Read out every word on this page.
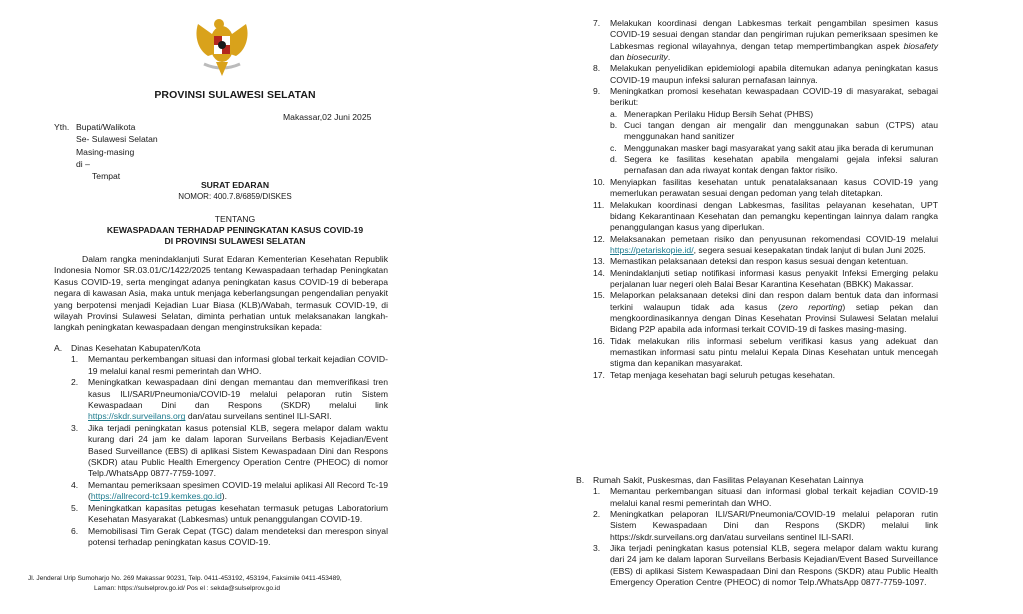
PROVINSI SULAWESI SELATAN
Makassar,02 Juni 2025
Yth. Bupati/Walikota
Se- Sulawesi Selatan
Masing-masing
di –
Tempat
SURAT EDARAN
NOMOR: 400.7.8/6859/DISKES
TENTANG
KEWASPADAAN TERHADAP PENINGKATAN KASUS COVID-19
DI PROVINSI SULAWESI SELATAN
Dalam rangka menindaklanjuti Surat Edaran Kementerian Kesehatan Republik Indonesia Nomor SR.03.01/C/1422/2025 tentang Kewaspadaan terhadap Peningkatan Kasus COVID-19, serta mengingat adanya peningkatan kasus COVID-19 di beberapa negara di kawasan Asia, maka untuk menjaga keberlangsungan pengendalian penyakit yang berpotensi menjadi Kejadian Luar Biasa (KLB)/Wabah, termasuk COVID-19, di wilayah Provinsi Sulawesi Selatan, diminta perhatian untuk melaksanakan langkah-langkah peningkatan kewaspadaan dengan menginstruksikan kepada:
A.	Dinas Kesehatan Kabupaten/Kota
1.	Memantau perkembangan situasi dan informasi global terkait kejadian COVID-19 melalui kanal resmi pemerintah dan WHO.
2.	Meningkatkan kewaspadaan dini dengan memantau dan memverifikasi tren kasus ILI/SARI/Pneumonia/COVID-19 melalui pelaporan rutin Sistem Kewaspadaan Dini dan Respons (SKDR) melalui link https://skdr.surveilans.org dan/atau surveilans sentinel ILI-SARI.
3.	Jika terjadi peningkatan kasus potensial KLB, segera melapor dalam waktu kurang dari 24 jam ke dalam laporan Surveilans Berbasis Kejadian/Event Based Surveillance (EBS) di aplikasi Sistem Kewaspadaan Dini dan Respons (SKDR) atau Public Health Emergency Operation Centre (PHEOC) di nomor Telp./WhatsApp 0877-7759-1097.
4.	Memantau pemeriksaan spesimen COVID-19 melalui aplikasi All Record Tc-19 (https://allrecord-tc19.kemkes.go.id).
5.	Meningkatkan kapasitas petugas kesehatan termasuk petugas Laboratorium Kesehatan Masyarakat (Labkesmas) untuk penanggulangan COVID-19.
6.	Memobilisasi Tim Gerak Cepat (TGC) dalam mendeteksi dan merespon sinyal potensi terhadap peningkatan kasus COVID-19.
Jl. Jenderal Urip Sumoharjo No. 269 Makassar 90231, Telp. 0411-453192, 453194, Faksimile 0411-453489,
Laman: https://sulselprov.go.id/ Pos el : sekda@sulselprov.go.id
7.	Melakukan koordinasi dengan Labkesmas terkait pengambilan spesimen kasus COVID-19 sesuai dengan standar dan pengiriman rujukan pemeriksaan spesimen ke Labkesmas regional wilayahnya, dengan tetap mempertimbangkan aspek biosafety dan biosecurity.
8.	Melakukan penyelidikan epidemiologi apabila ditemukan adanya peningkatan kasus COVID-19 maupun infeksi saluran pernafasan lainnya.
9.	Meningkatkan promosi kesehatan kewaspadaan COVID-19 di masyarakat, sebagai berikut:
a. Menerapkan Perilaku Hidup Bersih Sehat (PHBS)
b. Cuci tangan dengan air mengalir dan menggunakan sabun (CTPS) atau menggunakan hand sanitizer
c. Menggunakan masker bagi masyarakat yang sakit atau jika berada di kerumunan
d. Segera ke fasilitas kesehatan apabila mengalami gejala infeksi saluran pernafasan dan ada riwayat kontak dengan faktor risiko.
10. Menyiapkan fasilitas kesehatan untuk penatalaksanaan kasus COVID-19 yang memerlukan perawatan sesuai dengan pedoman yang telah ditetapkan.
11. Melakukan koordinasi dengan Labkesmas, fasilitas pelayanan kesehatan, UPT bidang Kekarantinaan Kesehatan dan pemangku kepentingan lainnya dalam rangka penanggulangan kasus yang diperlukan.
12. Melaksanakan pemetaan risiko dan penyusunan rekomendasi COVID-19 melalui https://petariskopie.id/, segera sesuai kesepakatan tindak lanjut di bulan Juni 2025.
13. Memastikan pelaksanaan deteksi dan respon kasus sesuai dengan ketentuan.
14. Menindaklanjuti setiap notifikasi informasi kasus penyakit Infeksi Emerging pelaku perjalanan luar negeri oleh Balai Besar Karantina Kesehatan (BBKK) Makassar.
15. Melaporkan pelaksanaan deteksi dini dan respon dalam bentuk data dan informasi terkini walaupun tidak ada kasus (zero reporting) setiap pekan dan mengkoordinasikannya dengan Dinas Kesehatan Provinsi Sulawesi Selatan melalui Bidang P2P apabila ada informasi terkait COVID-19 di faskes masing-masing.
16. Tidak melakukan rilis informasi sebelum verifikasi kasus yang adekuat dan memastikan informasi satu pintu melalui Kepala Dinas Kesehatan untuk mencegah stigma dan kepanikan masyarakat.
17. Tetap menjaga kesehatan bagi seluruh petugas kesehatan.
B.	Rumah Sakit, Puskesmas, dan Fasilitas Pelayanan Kesehatan Lainnya
1.	Memantau perkembangan situasi dan informasi global terkait kejadian COVID-19 melalui kanal resmi pemerintah dan WHO.
2.	Meningkatkan pelaporan ILI/SARI/Pneumonia/COVID-19 melalui pelaporan rutin Sistem Kewaspadaan Dini dan Respons (SKDR) melalui link https://skdr.surveilans.org dan/atau surveilans sentinel ILI-SARI.
3.	Jika terjadi peningkatan kasus potensial KLB, segera melapor dalam waktu kurang dari 24 jam ke dalam laporan Surveilans Berbasis Kejadian/Event Based Surveillance (EBS) di aplikasi Sistem Kewaspadaan Dini dan Respons (SKDR) atau Public Health Emergency Operation Centre (PHEOC) di nomor Telp./WhatsApp 0877-7759-1097.
